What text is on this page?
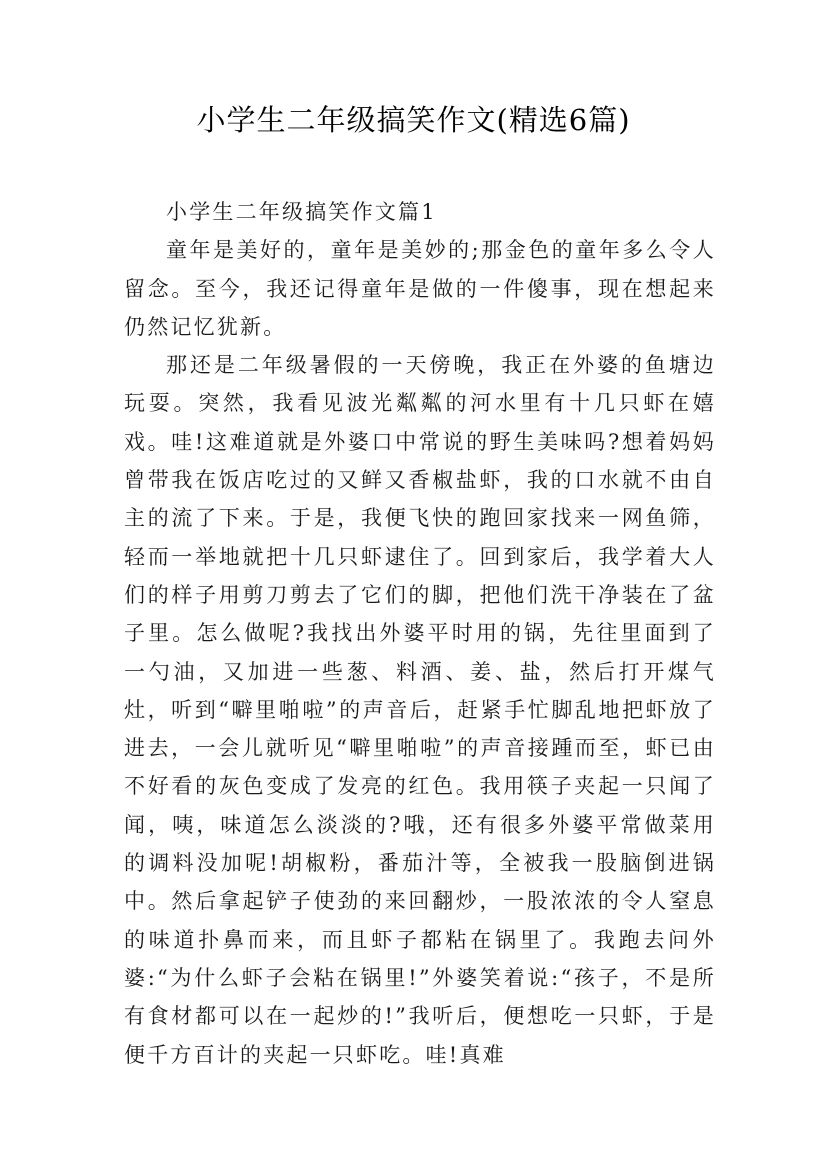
小学生二年级搞笑作文(精选6篇)

小学生二年级搞笑作文篇1

童年是美好的，童年是美妙的;那金色的童年多么令人留念。至今，我还记得童年是做的一件傻事，现在想起来仍然记忆犹新。

那还是二年级暑假的一天傍晚，我正在外婆的鱼塘边玩耍。突然，我看见波光粼粼的河水里有十几只虾在嬉戏。哇!这难道就是外婆口中常说的野生美味吗?想着妈妈曾带我在饭店吃过的又鲜又香椒盐虾，我的口水就不由自主的流了下来。于是，我便飞快的跑回家找来一网鱼筛，轻而一举地就把十几只虾逮住了。回到家后，我学着大人们的样子用剪刀剪去了它们的脚，把他们洗干净装在了盆子里。怎么做呢?我找出外婆平时用的锅，先往里面到了一勺油，又加进一些葱、料酒、姜、盐，然后打开煤气灶，听到“噼里啪啦”的声音后，赶紧手忙脚乱地把虾放了进去，一会儿就听见“噼里啪啦”的声音接踵而至，虾已由不好看的灰色变成了发亮的红色。我用筷子夹起一只闻了闻，咦，味道怎么淡淡的?哦，还有很多外婆平常做菜用的调料没加呢!胡椒粉，番茄汁等，全被我一股脑倒进锅中。然后拿起铲子使劲的来回翻炒，一股浓浓的令人窒息的味道扑鼻而来，而且虾子都粘在锅里了。我跑去问外婆:“为什么虾子会粘在锅里!”外婆笑着说:“孩子，不是所有食材都可以在一起炒的!”我听后，便想吃一只虾，于是便千方百计的夹起一只虾吃。哇!真难
